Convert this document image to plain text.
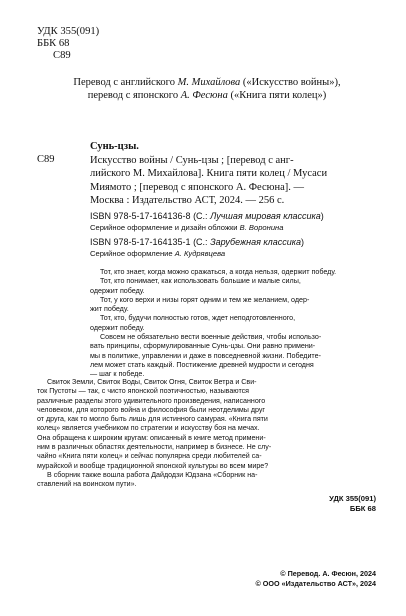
УДК 355(091)
ББК 68
С89
Перевод с английского М. Михайлова («Искусство войны»),
перевод с японского А. Фесюна («Книга пяти колец»)
Сунь-цзы.
С89	Искусство войны / Сунь-цзы ; [перевод с анг-
лийского М. Михайлова]. Книга пяти колец / Мусаси
Миямото ; [перевод с японского А. Фесюна]. —
Москва : Издательство АСТ, 2024. — 256 с.
ISBN 978-5-17-164136-8 (С.: Лучшая мировая классика)
Серийное оформление и дизайн обложки В. Воронина
ISBN 978-5-17-164135-1 (С.: Зарубежная классика)
Серийное оформление А. Кудрявцева
Тот, кто знает, когда можно сражаться, а когда нельзя, одержит победу.
Тот, кто понимает, как использовать большие и малые силы,
одержит победу.
Тот, у кого верхи и низы горят одним и тем же желанием, одер-
жит победу.
Тот, кто, будучи полностью готов, ждет неподготовленного,
одержит победу.
Совсем не обязательно вести военные действия, чтобы использо-
вать принципы, сформулированные Сунь-цзы. Они равно примени-
мы в политике, управлении и даже в повседневной жизни. Победите-
лем может стать каждый. Постижение древней мудрости и сегодня
— шаг к победе.
Свиток Земли, Свиток Воды, Свиток Огня, Свиток Ветра и Сви-
ток Пустоты — так, с чисто японской поэтичностью, называются
различные разделы этого удивительного произведения, написанного
человеком, для которого война и философия были неотделимы друг
от друга, как то могло быть лишь для истинного самурая. «Книга пяти
колец» является учебником по стратегии и искусству боя на мечах.
Она обращена к широким кругам: описанный в книге метод примени-
ним в различных областях деятельности, например в бизнесе. Не слу-
чайно «Книга пяти колец» и сейчас популярна среди любителей са-
мурайской и вообще традиционной японской культуры во всем мире?
В сборник также вошла работа Дайдодзи Юдзана «Сборник на-
ставлений на воинском пути».
УДК 355(091)
ББК 68
© Перевод. А. Фесюн, 2024
© ООО «Издательство АСТ», 2024
